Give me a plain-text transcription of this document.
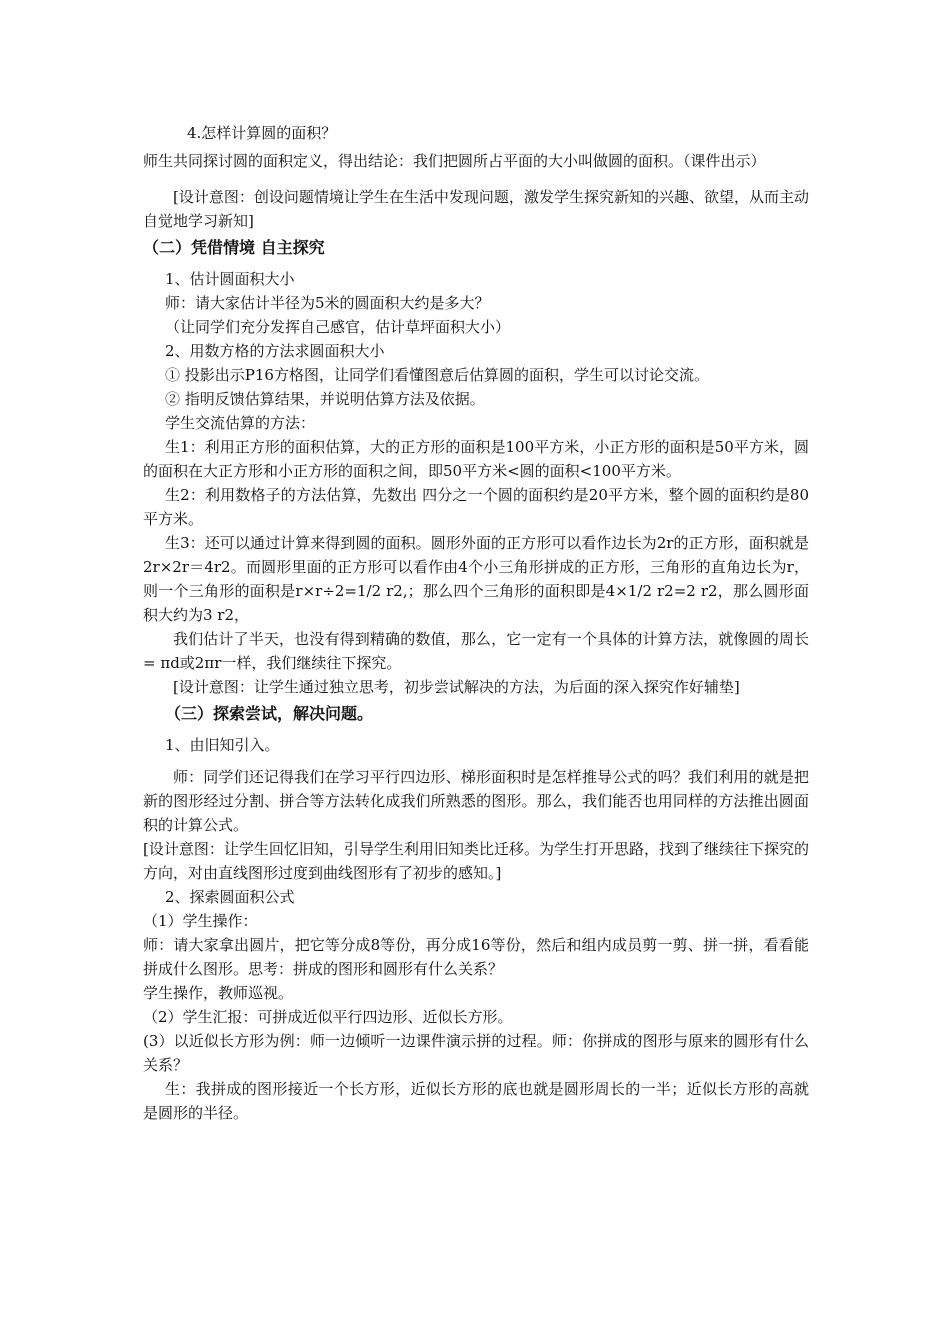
4.怎样计算圆的面积？

师生共同探讨圆的面积定义，得出结论：我们把圆所占平面的大小叫做圆的面积。（课件出示）

[设计意图：创设问题情境让学生在生活中发现问题，激发学生探究新知的兴趣、欲望，从而主动自觉地学习新知]

（二）凭借情境 自主探究

1、估计圆面积大小

师：请大家估计半径为5米的圆面积大约是多大？

（让同学们充分发挥自己感官，估计草坪面积大小）

2、用数方格的方法求圆面积大小

① 投影出示P16方格图，让同学们看懂图意后估算圆的面积，学生可以讨论交流。

② 指明反馈估算结果，并说明估算方法及依据。

学生交流估算的方法：

生1：利用正方形的面积估算，大的正方形的面积是100平方米，小正方形的面积是50平方米，圆的面积在大正方形和小正方形的面积之间，即50平方米<圆的面积<100平方米。

生2：利用数格子的方法估算，先数出 四分之一个圆的面积约是20平方米，整个圆的面积约是80平方米。

生3：还可以通过计算来得到圆的面积。圆形外面的正方形可以看作边长为2r的正方形，面积就是2r×2r＝4r2。而圆形里面的正方形可以看作由4个小三角形拼成的正方形，三角形的直角边长为r，则一个三角形的面积是r×r÷2=1/2 r2,；那么四个三角形的面积即是4×1/2 r2=2 r2，那么圆形面积大约为3 r2，

我们估计了半天，也没有得到精确的数值，那么，它一定有一个具体的计算方法，就像圆的周长= πd或2πr一样，我们继续往下探究。

[设计意图：让学生通过独立思考，初步尝试解决的方法，为后面的深入探究作好辅垫]

（三）探索尝试，解决问题。

1、由旧知引入。

师：同学们还记得我们在学习平行四边形、梯形面积时是怎样推导公式的吗？我们利用的就是把新的图形经过分割、拼合等方法转化成我们所熟悉的图形。那么，我们能否也用同样的方法推出圆面积的计算公式。

[设计意图：让学生回忆旧知，引导学生利用旧知类比迁移。为学生打开思路，找到了继续往下探究的方向，对由直线图形过度到曲线图形有了初步的感知。]

2、探索圆面积公式

（1）学生操作：

师：请大家拿出圆片，把它等分成8等份，再分成16等份，然后和组内成员剪一剪、拼一拼，看看能拼成什么图形。思考：拼成的图形和圆形有什么关系？

学生操作，教师巡视。

（2）学生汇报：可拼成近似平行四边形、近似长方形。

(3）以近似长方形为例：师一边倾听一边课件演示拼的过程。师：你拼成的图形与原来的圆形有什么关系？

生：我拼成的图形接近一个长方形，近似长方形的底也就是圆形周长的一半；近似长方形的高就是圆形的半径。
